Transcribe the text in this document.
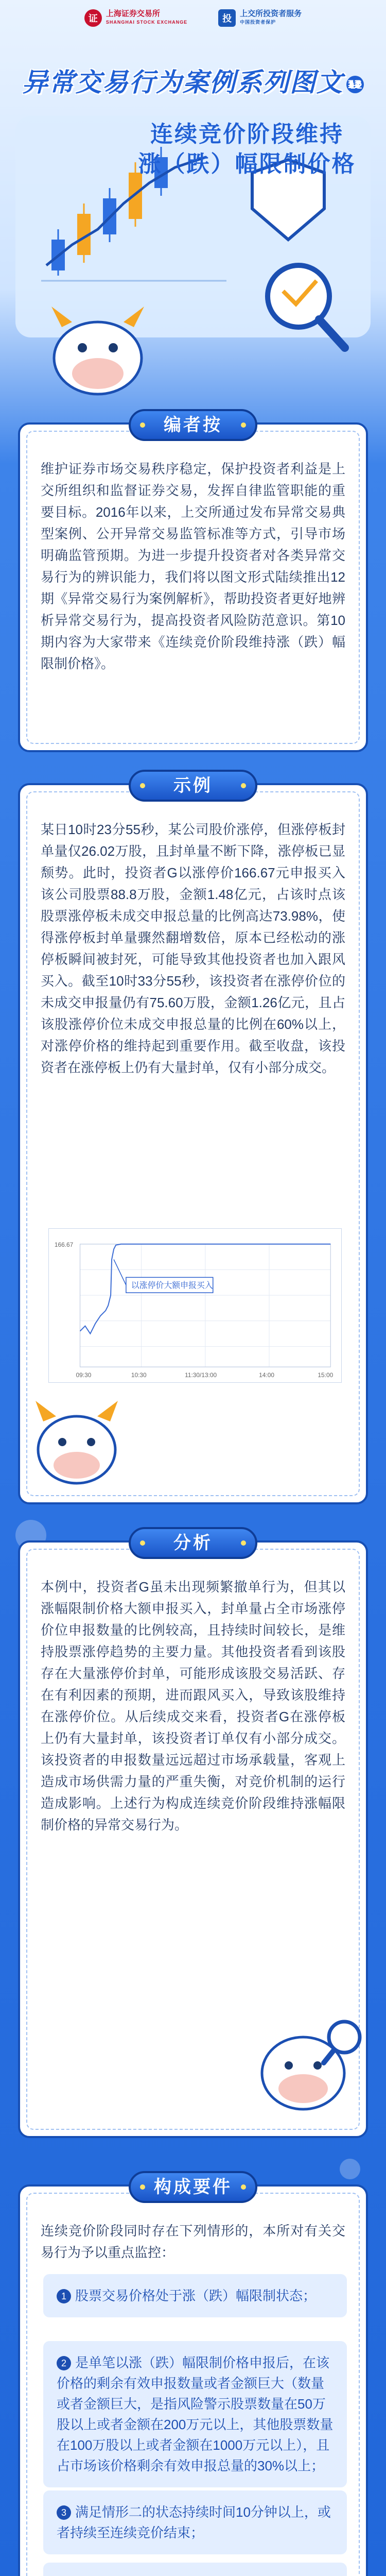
证	上海证券交易所
SHANGHAI STOCK EXCHANGE	投	上交所投资者服务
中国投资者保护
异常交易行为案例系列图文 12
连续竞价阶段维持
涨（跌）幅限制价格
编者按
维护证券市场交易秩序稳定，保护投资者利益是上交所组织和监督证券交易，发挥自律监管职能的重要目标。2016年以来，上交所通过发布异常交易典型案例、公开异常交易监管标准等方式，引导市场明确监管预期。为进一步提升投资者对各类异常交易行为的辨识能力，我们将以图文形式陆续推出12期《异常交易行为案例解析》，帮助投资者更好地辨析异常交易行为，提高投资者风险防范意识。第10期内容为大家带来《连续竞价阶段维持涨（跌）幅限制价格》。
示例
某日10时23分55秒，某公司股价涨停，但涨停板封单量仅26.02万股，且封单量不断下降，涨停板已显颓势。此时，投资者G以涨停价166.67元申报买入该公司股票88.8万股，金额1.48亿元，占该时点该股票涨停板未成交申报总量的比例高达73.98%，使得涨停板封单量骤然翻增数倍，原本已经松动的涨停板瞬间被封死，可能导致其他投资者也加入跟风买入。截至10时33分55秒，该投资者在涨停价位的未成交申报量仍有75.60万股，金额1.26亿元，且占该股涨停价位未成交申报总量的比例在60%以上，对涨停价格的维持起到重要作用。截至收盘，该投资者在涨停板上仍有大量封单，仅有小部分成交。
166.67
09:30	10:30	11:30/13:00	14:00	15:00
以涨停价大额申报买入
分析
本例中，投资者G虽未出现频繁撤单行为，但其以涨幅限制价格大额申报买入，封单量占全市场涨停价位申报数量的比例较高，且持续时间较长，是维持股票涨停趋势的主要力量。其他投资者看到该股存在大量涨停价封单，可能形成该股交易活跃、存在有利因素的预期，进而跟风买入，导致该股维持在涨停价位。从后续成交来看，投资者G在涨停板上仍有大量封单，该投资者订单仅有小部分成交。该投资者的申报数量远远超过市场承载量，客观上造成市场供需力量的严重失衡，对竞价机制的运行造成影响。上述行为构成连续竞价阶段维持涨幅限制价格的异常交易行为。
构成要件
连续竞价阶段同时存在下列情形的，本所对有关交易行为予以重点监控：
1 股票交易价格处于涨（跌）幅限制状态；
2 是单笔以涨（跌）幅限制价格申报后，在该价格的剩余有效申报数量或者金额巨大（数量或者金额巨大，是指风险警示股票数量在50万股以上或者金额在200万元以上，其他股票数量在100万股以上或者金额在1000万元以上），且占市场该价格剩余有效申报总量的30%以上；
3 满足情形二的状态持续时间10分钟以上，或者持续至连续竞价结束；
